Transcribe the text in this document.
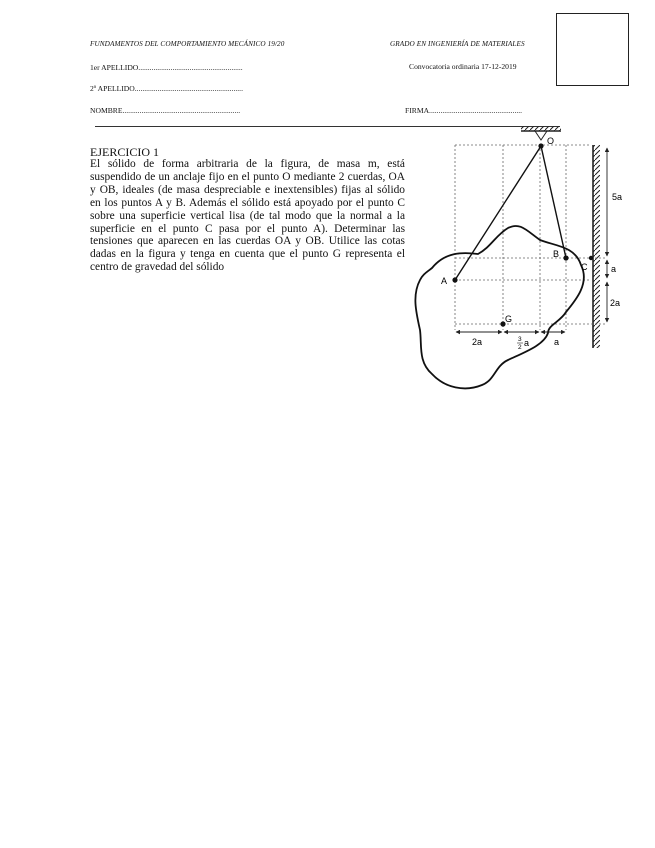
FUNDAMENTOS DEL COMPORTAMIENTO MECÁNICO 19/20	GRADO EN INGENIERÍA DE MATERIALES
1er APELLIDO.......................................................	Convocatoria ordinaria 17-12-2019
2º APELLIDO.........................................................
NOMBRE..............................................................	FIRMA.................................................
EJERCICIO 1
El sólido de forma arbitraria de la figura, de masa m, está suspendido de un anclaje fijo en el punto O mediante 2 cuerdas, OA y OB, ideales (de masa despreciable e inextensibles) fijas al sólido en los puntos A y B. Además el sólido está apoyado por el punto C sobre una superficie vertical lisa (de tal modo que la normal a la superficie en el punto C pasa por el punto A). Determinar las tensiones que aparecen en las cuerdas OA y OB. Utilice las cotas dadas en la figura y tenga en cuenta que el punto G representa el centro de gravedad del sólido
O
A
B
C
G
5a
a
2a
2a	3
2 a	a
